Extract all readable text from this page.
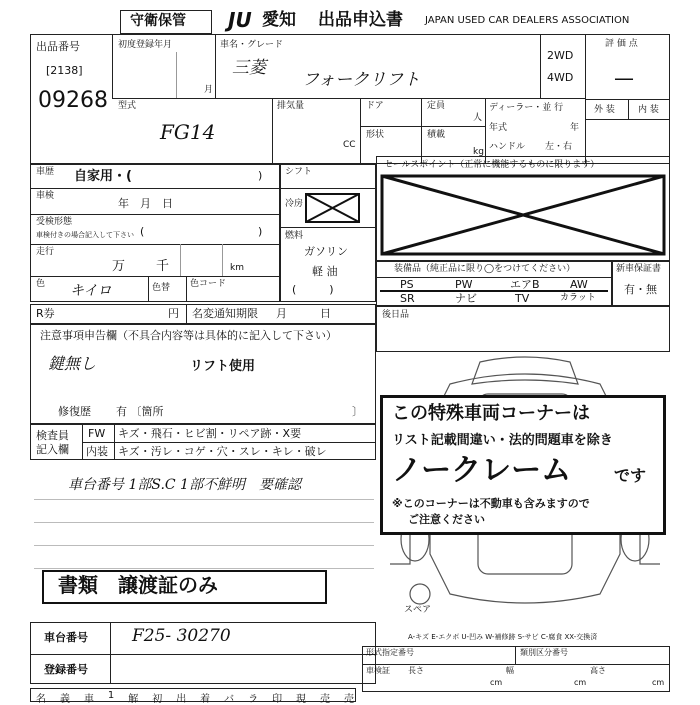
守衛保管 JU 愛知 出品申込書 JAPAN USED CAR DEALERS ASSOCIATION
出品番号
[2138]
09268
初度登録年月
月
車名・グレード
三菱
フォークリフト
2WD
4WD
評 価 点
—
外 装	内 装
型式
FG14
排気量
CC
ドア	定員
人
形状	積載
kg
ディーラー・並 行
年式	年
ハンドル 左・右
車歴 自家用・(	)
車検
年　月　日
受検形態
車検付きの場合記入して下さい (	)
走行
万 千	km
色 キイロ	色替 色コード
シフト
冷房
燃料
ガソリン
軽 油
(　　　)
セールスポイント（正常に機能するものに限ります）
装備品（純正品に限り◯をつけてください）
PS	PW	エアB	AW
SR	ナビ	TV	カラット
新車保証書
有・無
R券	円 名変通知期限 月　　　日	後日品
注意事項申告欄（不具合内容等は具体的に記入して下さい）
鍵無し	リフト使用
修復歴 有 〔箇所	〕
検査員
記入欄
FW キズ・飛石・ヒビ割・リペア跡・X要
内装 キズ・汚レ・コゲ・穴・スレ・キレ・破レ
車台番号 1部S.C 1部不鮮明　要確認
書類　譲渡証のみ
車台番号	F25- 30270
登録番号
名 義 車 1 解 初 出 着 バ ラ 印 現 売 売
スペア
A-キズ E-エクボ U-凹み W-補修跡 S-サビ C-腐食 XX-交換済
この特殊車両コーナーは
リスト記載間違い・法的問題車を除き
ノークレーム	です
※このコーナーは不動車も含みますので
ご注意ください
形式指定番号	類別区分番号
車検証 長さ	幅	高さ
cm	cm	cm
